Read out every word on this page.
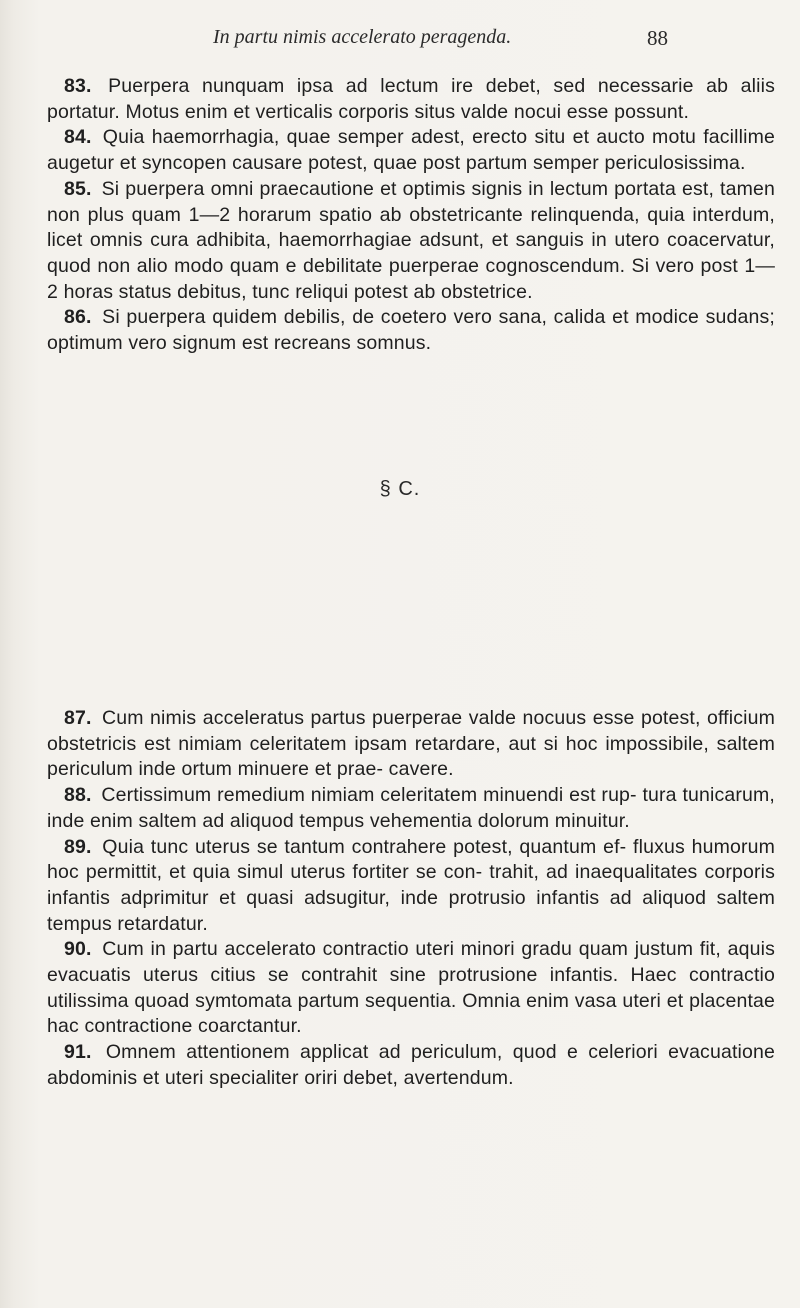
In partu nimis accelerato peragenda.	88

83. Puerpera nunquam ipsa ad lectum ire debet, sed necessarie ab aliis portatur. Motus enim et verticalis corporis situs valde nocui esse possunt.

84. Quia haemorrhagia, quae semper adest, erecto situ et aucto motu facillime augetur et syncopen causare potest, quae post partum semper periculosissima.

85. Si puerpera omni praecautione et optimis signis in lectum portata est, tamen non plus quam 1—2 horarum spatio ab obstetricante relinquenda, quia interdum, licet omnis cura adhibita, haemorrhagiae adsunt, et sanguis in utero coacervatur, quod non alio modo quam e debilitate puerperae cognoscendum. Si vero post 1—2 horas status debitus, tunc reliqui potest ab obstetrice.

86. Si puerpera quidem debilis, de coetero vero sana, calida et modice sudans; optimum vero signum est recreans somnus.

§ C.

87. Cum nimis acceleratus partus puerperae valde nocuus esse potest, officium obstetricis est nimiam celeritatem ipsam retardare, aut si hoc impossibile, saltem periculum inde ortum minuere et prae- cavere.

88. Certissimum remedium nimiam celeritatem minuendi est rup- tura tunicarum, inde enim saltem ad aliquod tempus vehementia dolorum minuitur.

89. Quia tunc uterus se tantum contrahere potest, quantum ef- fluxus humorum hoc permittit, et quia simul uterus fortiter se con- trahit, ad inaequalitates corporis infantis adprimitur et quasi adsugitur, inde protrusio infantis ad aliquod saltem tempus retardatur.

90. Cum in partu accelerato contractio uteri minori gradu quam justum fit, aquis evacuatis uterus citius se contrahit sine protrusione infantis. Haec contractio utilissima quoad symtomata partum sequentia. Omnia enim vasa uteri et placentae hac contractione coarctantur.

91. Omnem attentionem applicat ad periculum, quod e celeriori evacuatione abdominis et uteri specialiter oriri debet, avertendum.
